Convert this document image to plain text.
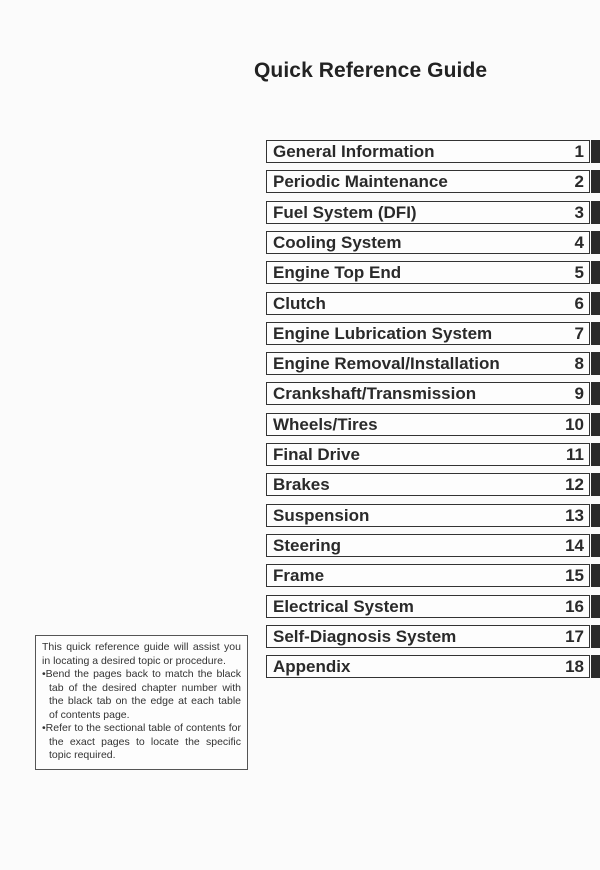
Quick Reference Guide
General Information	1
Periodic Maintenance	2
Fuel System (DFI)	3
Cooling System	4
Engine Top End	5
Clutch	6
Engine Lubrication System	7
Engine Removal/Installation	8
Crankshaft/Transmission	9
Wheels/Tires	10
Final Drive	11
Brakes	12
Suspension	13
Steering	14
Frame	15
Electrical System	16
Self-Diagnosis System	17
Appendix	18

This quick reference guide will assist you in locating a desired topic or procedure.

•Bend the pages back to match the black tab of the desired chapter number with the black tab on the edge at each table of contents page.

•Refer to the sectional table of contents for the exact pages to locate the specific topic required.
